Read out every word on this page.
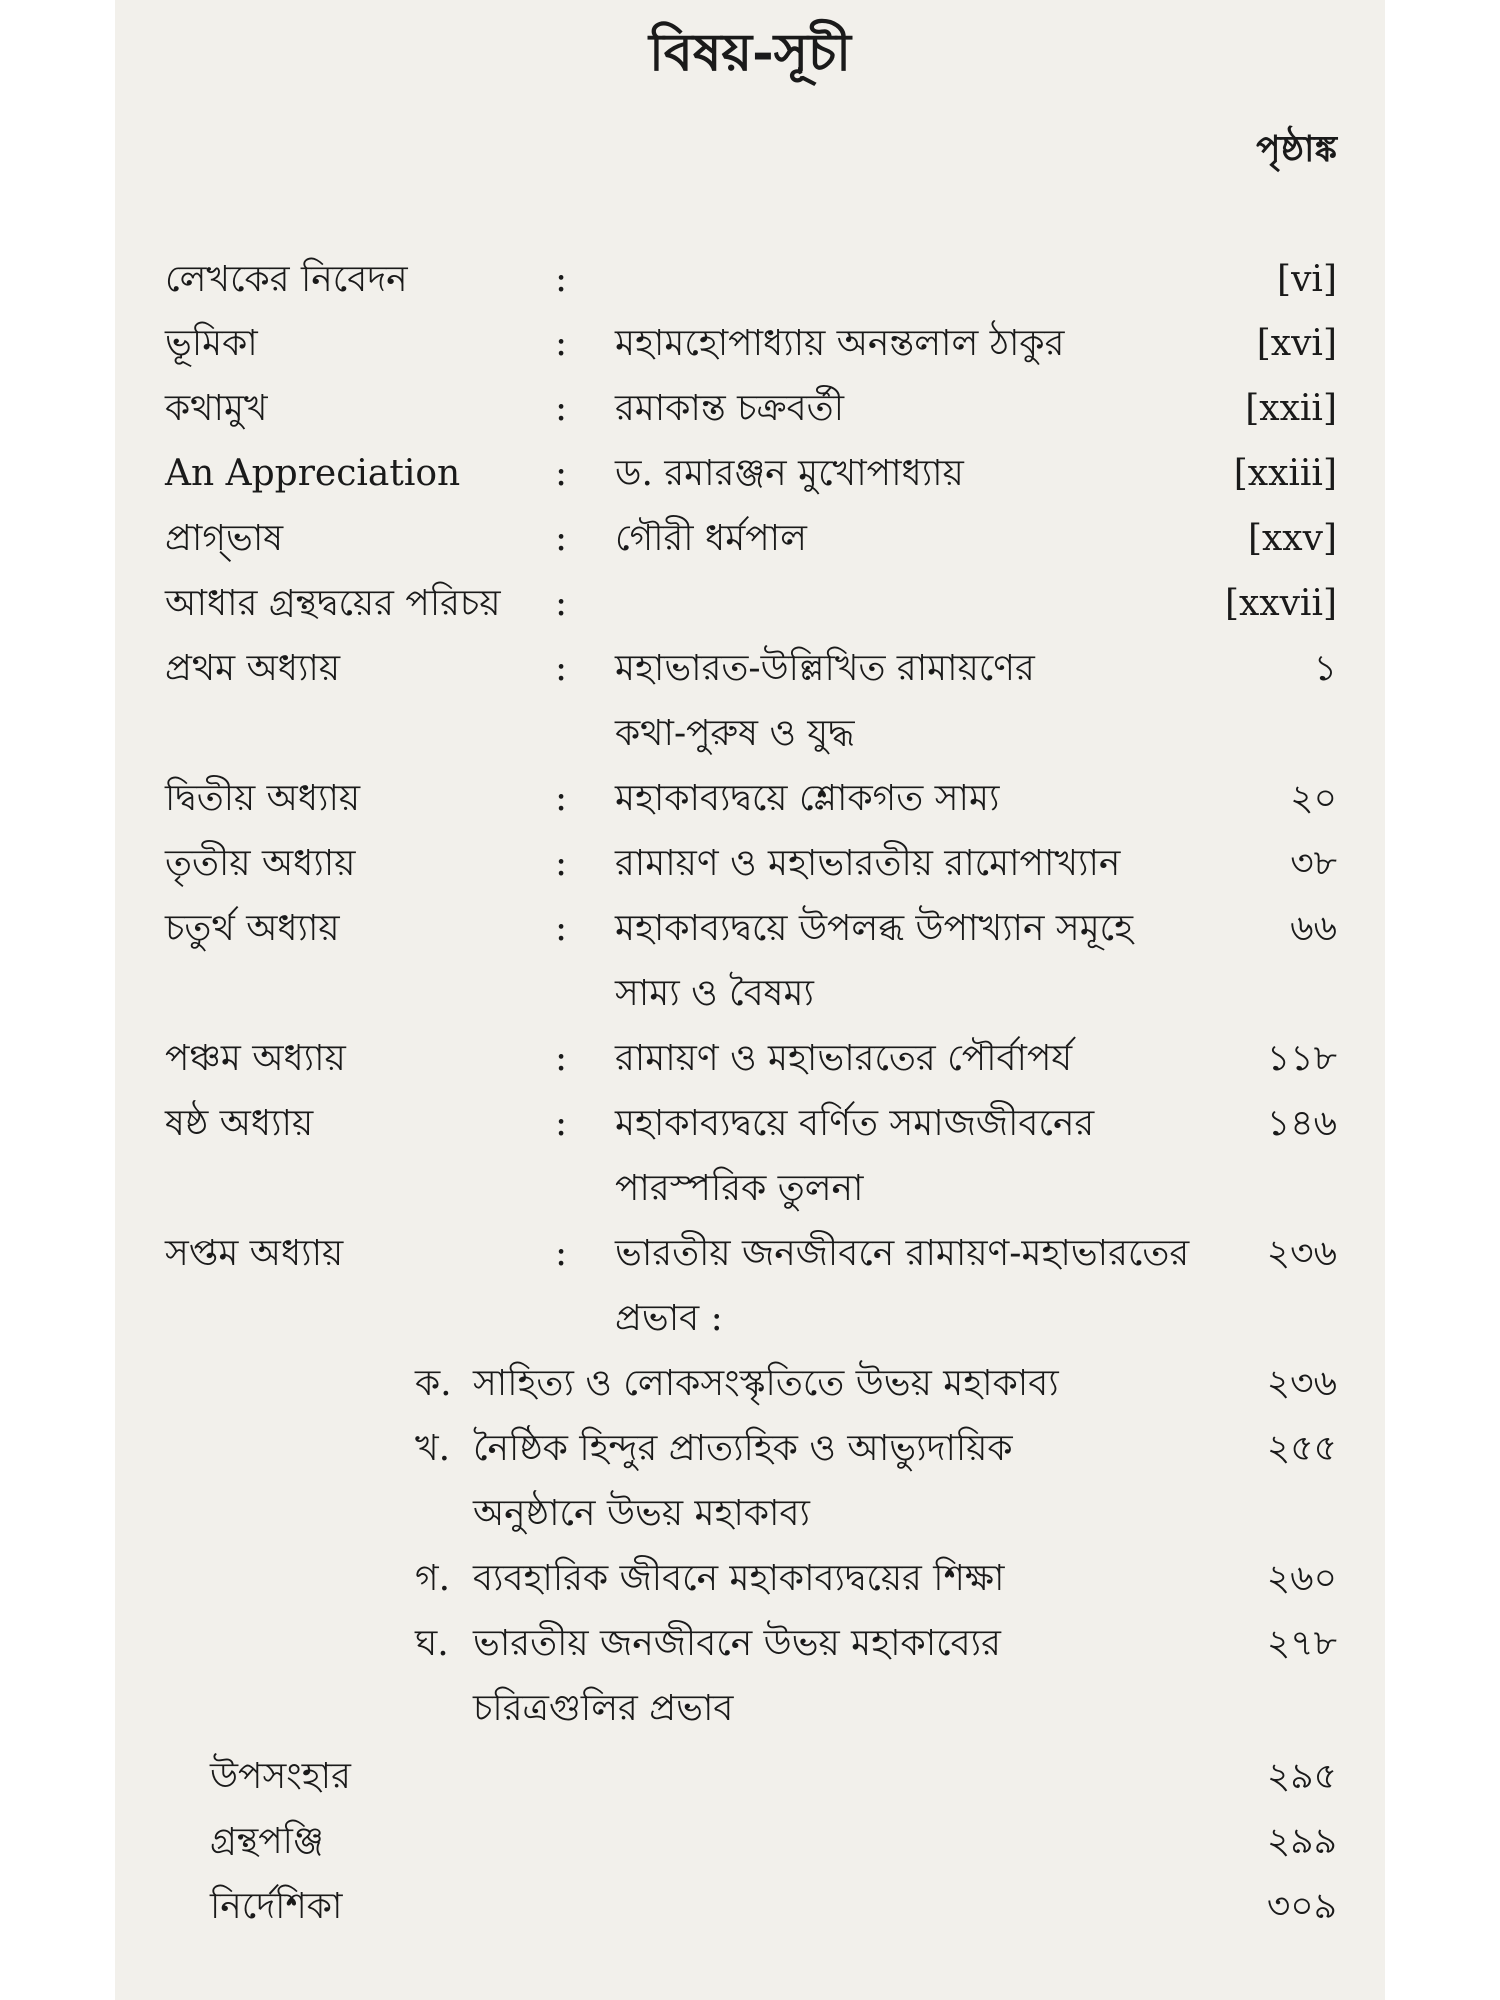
বিষয়-সূচী
পৃষ্ঠাঙ্ক
লেখকের নিবেদন	:	[vi]
ভূমিকা	: মহামহোপাধ্যায় অনন্তলাল ঠাকুর	[xvi]
কথামুখ	: রমাকান্ত চক্রবর্তী	[xxii]
An Appreciation	: ড. রমারঞ্জন মুখোপাধ্যায়	[xxiii]
প্রাগ্ভাষ	: গৌরী ধর্মপাল	[xxv]
আধার গ্রন্থদ্বয়ের পরিচয় :	[xxvii]
প্রথম অধ্যায়	: মহাভারত-উল্লিখিত রামায়ণের	১
কথা-পুরুষ ও যুদ্ধ
দ্বিতীয় অধ্যায়	: মহাকাব্যদ্বয়ে শ্লোকগত সাম্য	২০
তৃতীয় অধ্যায়	: রামায়ণ ও মহাভারতীয় রামোপাখ্যান	৩৮
চতুর্থ অধ্যায়	: মহাকাব্যদ্বয়ে উপলব্ধ উপাখ্যান সমূহে	৬৬
সাম্য ও বৈষম্য
পঞ্চম অধ্যায়	: রামায়ণ ও মহাভারতের পৌর্বাপর্য	১১৮
ষষ্ঠ অধ্যায়	: মহাকাব্যদ্বয়ে বর্ণিত সমাজজীবনের	১৪৬
পারস্পরিক তুলনা
সপ্তম অধ্যায়	: ভারতীয় জনজীবনে রামায়ণ-মহাভারতের ২৩৬
প্রভাব :
ক. সাহিত্য ও লোকসংস্কৃতিতে উভয় মহাকাব্য	২৩৬
খ. নৈষ্ঠিক হিন্দুর প্রাত্যহিক ও আভ্যুদায়িক	২৫৫
অনুষ্ঠানে উভয় মহাকাব্য
গ. ব্যবহারিক জীবনে মহাকাব্যদ্বয়ের শিক্ষা	২৬০
ঘ. ভারতীয় জনজীবনে উভয় মহাকাব্যের	২৭৮
চরিত্রগুলির প্রভাব
উপসংহার	২৯৫
গ্রন্থপঞ্জি	২৯৯
নির্দেশিকা	৩০৯
